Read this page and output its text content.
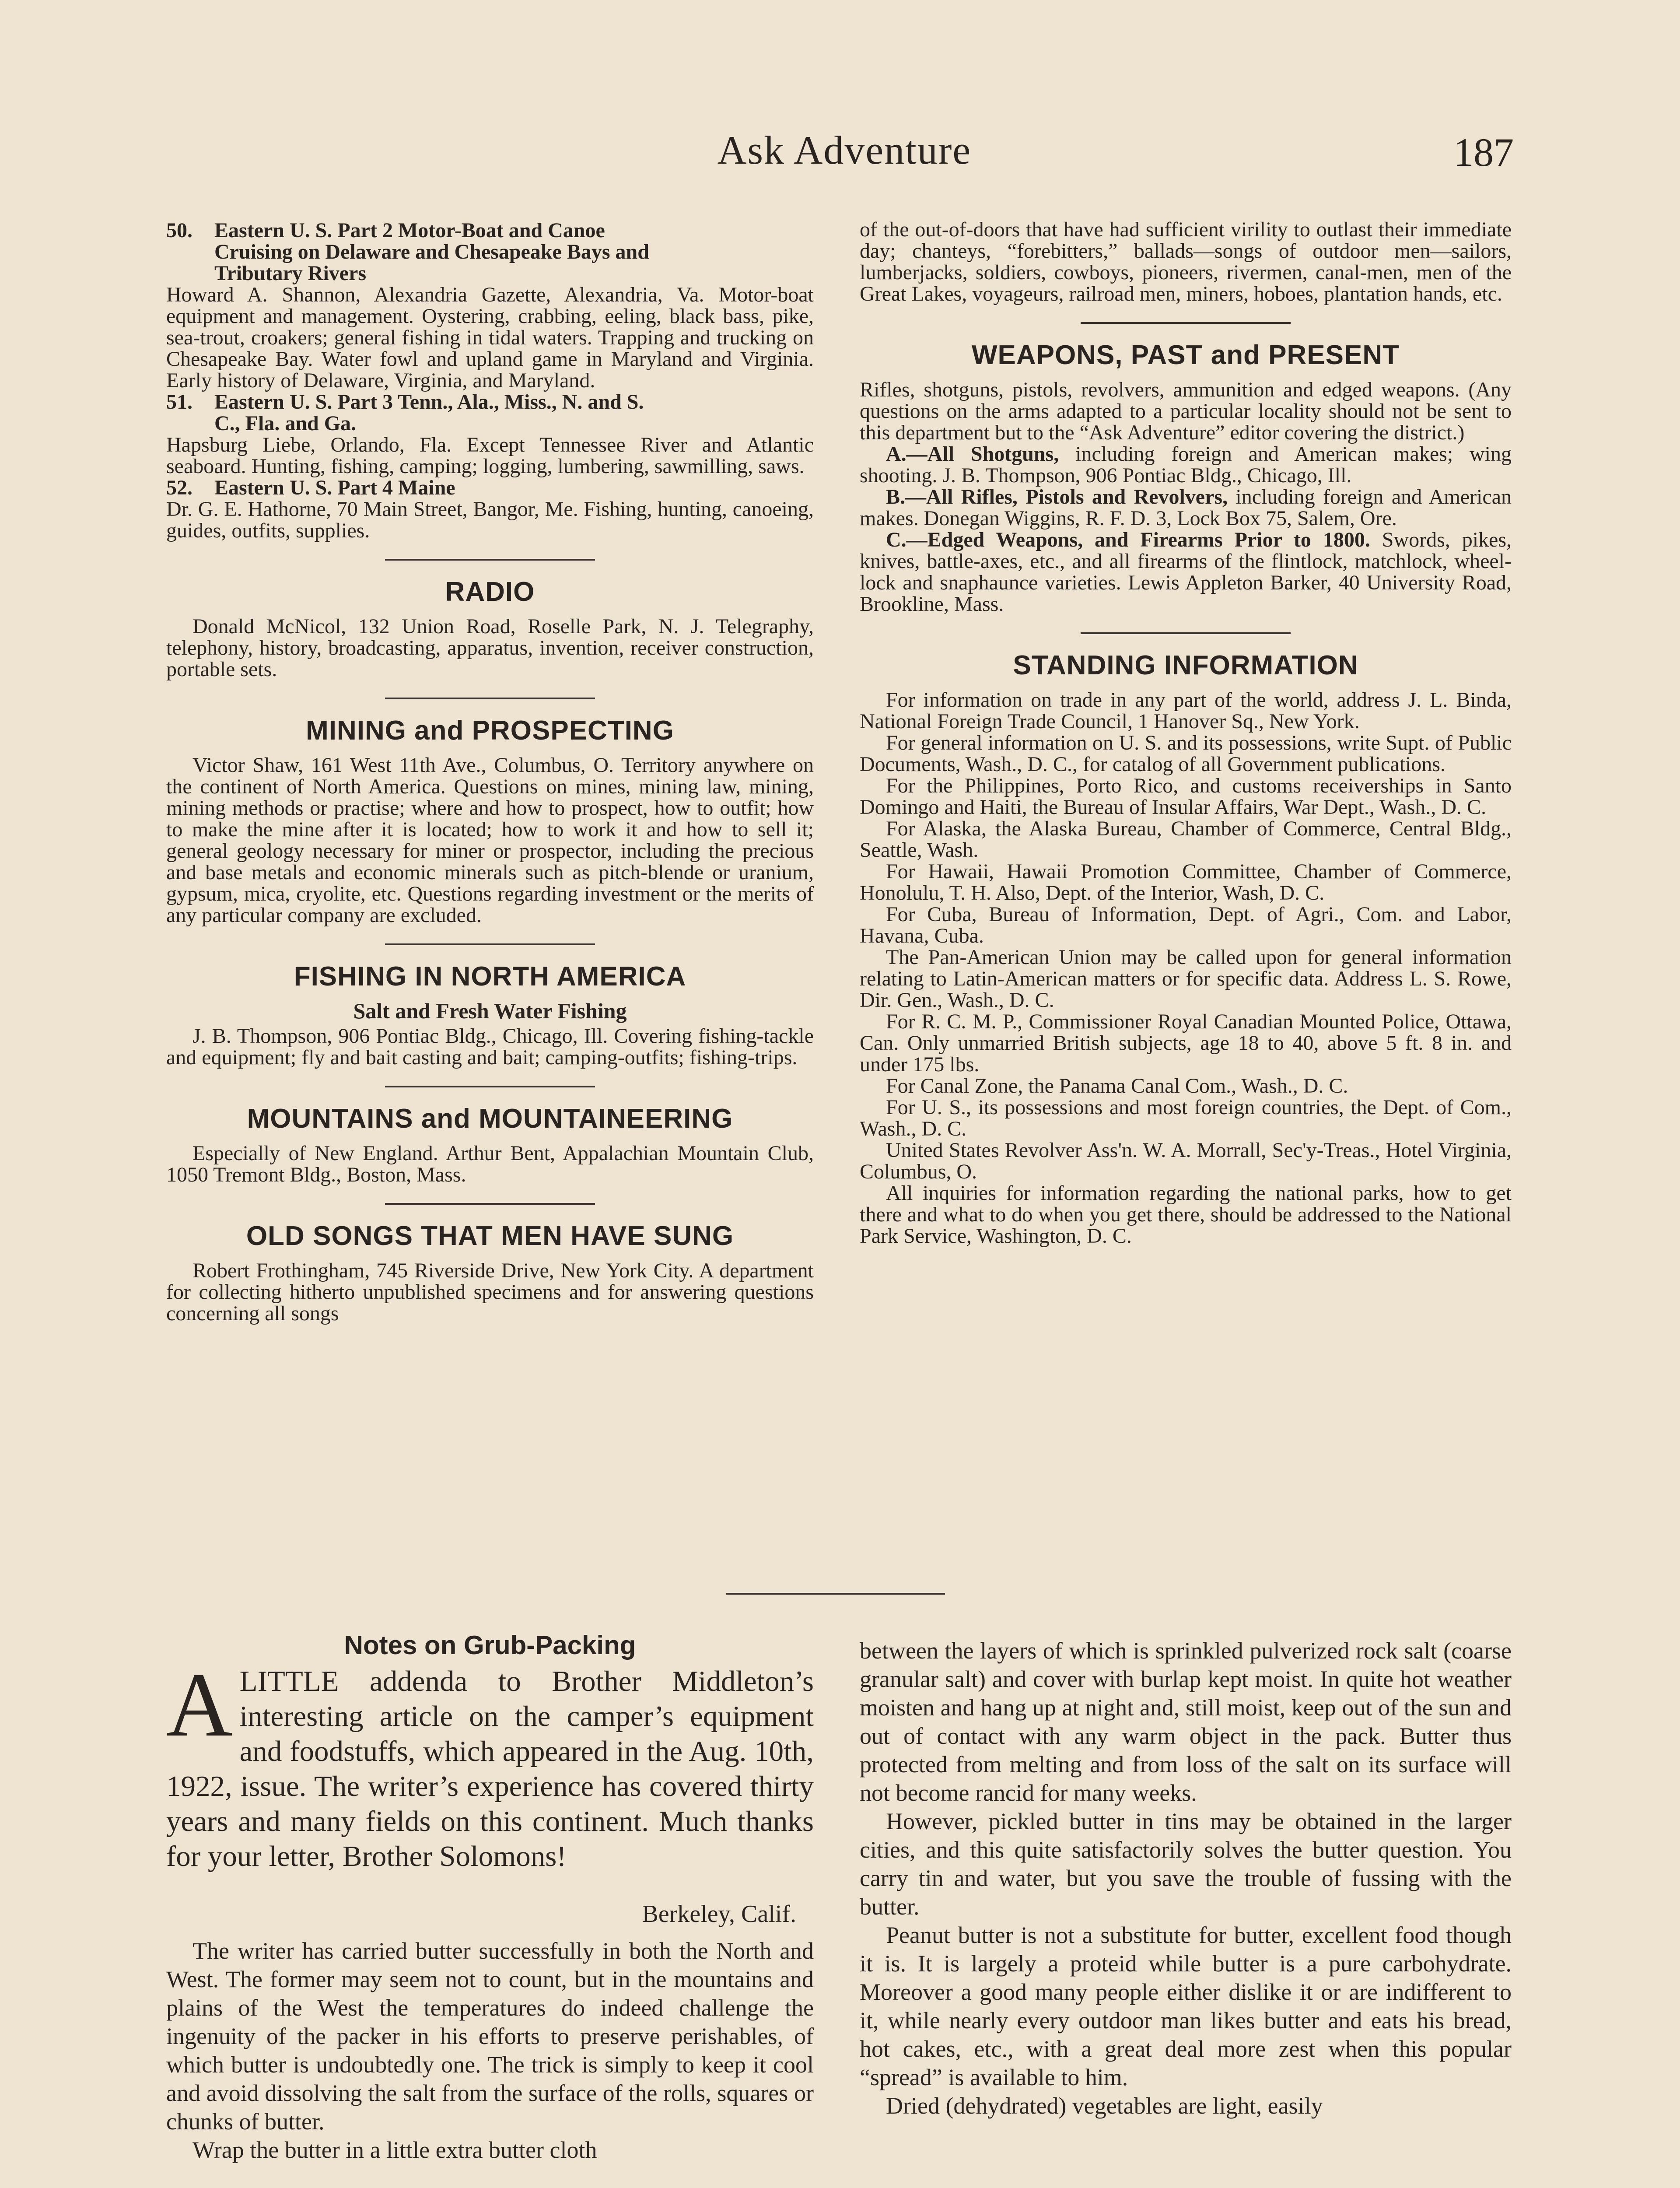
Ask Adventure	187
50. Eastern U. S. Part 2 Motor-Boat and Canoe
Cruising on Delaware and Chesapeake Bays and
Tributary Rivers

Howard A. Shannon, Alexandria Gazette, Alexandria, Va. Motor-boat equipment and management. Oystering, crabbing, eeling, black bass, pike, sea-trout, croakers; general fishing in tidal waters. Trapping and trucking on Chesapeake Bay. Water fowl and upland game in Maryland and Virginia. Early history of Delaware, Virginia, and Maryland.

51. Eastern U. S. Part 3 Tenn., Ala., Miss., N. and S.
C., Fla. and Ga.

Hapsburg Liebe, Orlando, Fla. Except Tennessee River and Atlantic seaboard. Hunting, fishing, camping; logging, lumbering, sawmilling, saws.

52. Eastern U. S. Part 4 Maine

Dr. G. E. Hathorne, 70 Main Street, Bangor, Me. Fishing, hunting, canoeing, guides, outfits, supplies.

RADIO

Donald McNicol, 132 Union Road, Roselle Park, N. J. Telegraphy, telephony, history, broadcasting, apparatus, invention, receiver construction, portable sets.

MINING and PROSPECTING

Victor Shaw, 161 West 11th Ave., Columbus, O. Territory anywhere on the continent of North America. Questions on mines, mining law, mining, mining methods or practise; where and how to prospect, how to outfit; how to make the mine after it is located; how to work it and how to sell it; general geology necessary for miner or prospector, including the precious and base metals and economic minerals such as pitch-blende or uranium, gypsum, mica, cryolite, etc. Questions regarding investment or the merits of any particular company are excluded.

FISHING IN NORTH AMERICA
Salt and Fresh Water Fishing

J. B. Thompson, 906 Pontiac Bldg., Chicago, Ill. Covering fishing-tackle and equipment; fly and bait casting and bait; camping-outfits; fishing-trips.

MOUNTAINS and MOUNTAINEERING

Especially of New England. Arthur Bent, Appalachian Mountain Club, 1050 Tremont Bldg., Boston, Mass.

OLD SONGS THAT MEN HAVE SUNG

Robert Frothingham, 745 Riverside Drive, New York City. A department for collecting hitherto unpublished specimens and for answering questions concerning all songs

of the out-of-doors that have had sufficient virility to outlast their immediate day; chanteys, “forebitters,” ballads—songs of outdoor men—sailors, lumberjacks, soldiers, cowboys, pioneers, rivermen, canal-men, men of the Great Lakes, voyageurs, railroad men, miners, hoboes, plantation hands, etc.

WEAPONS, PAST and PRESENT

Rifles, shotguns, pistols, revolvers, ammunition and edged weapons. (Any questions on the arms adapted to a particular locality should not be sent to this department but to the “Ask Adventure” editor covering the district.)

A.—All Shotguns, including foreign and American makes; wing shooting. J. B. Thompson, 906 Pontiac Bldg., Chicago, Ill.

B.—All Rifles, Pistols and Revolvers, including foreign and American makes. Donegan Wiggins, R. F. D. 3, Lock Box 75, Salem, Ore.

C.—Edged Weapons, and Firearms Prior to 1800. Swords, pikes, knives, battle-axes, etc., and all firearms of the flintlock, matchlock, wheel-lock and snaphaunce varieties. Lewis Appleton Barker, 40 University Road, Brookline, Mass.

STANDING INFORMATION

For information on trade in any part of the world, address J. L. Binda, National Foreign Trade Council, 1 Hanover Sq., New York.

For general information on U. S. and its possessions, write Supt. of Public Documents, Wash., D. C., for catalog of all Government publications.

For the Philippines, Porto Rico, and customs receiverships in Santo Domingo and Haiti, the Bureau of Insular Affairs, War Dept., Wash., D. C.

For Alaska, the Alaska Bureau, Chamber of Commerce, Central Bldg., Seattle, Wash.

For Hawaii, Hawaii Promotion Committee, Chamber of Commerce, Honolulu, T. H. Also, Dept. of the Interior, Wash, D. C.

For Cuba, Bureau of Information, Dept. of Agri., Com. and Labor, Havana, Cuba.

The Pan-American Union may be called upon for general information relating to Latin-American matters or for specific data. Address L. S. Rowe, Dir. Gen., Wash., D. C.

For R. C. M. P., Commissioner Royal Canadian Mounted Police, Ottawa, Can. Only unmarried British subjects, age 18 to 40, above 5 ft. 8 in. and under 175 lbs.

For Canal Zone, the Panama Canal Com., Wash., D. C.

For U. S., its possessions and most foreign countries, the Dept. of Com., Wash., D. C.

United States Revolver Ass'n. W. A. Morrall, Sec'y-Treas., Hotel Virginia, Columbus, O.

All inquiries for information regarding the national parks, how to get there and what to do when you get there, should be addressed to the National Park Service, Washington, D. C.

Notes on Grub-Packing

ALITTLE addenda to Brother Middleton’s interesting article on the camper’s equipment and foodstuffs, which appeared in the Aug. 10th, 1922, issue. The writer’s experience has covered thirty years and many fields on this continent. Much thanks for your letter, Brother Solomons!

Berkeley, Calif.

The writer has carried butter successfully in both the North and West. The former may seem not to count, but in the mountains and plains of the West the temperatures do indeed challenge the ingenuity of the packer in his efforts to preserve perishables, of which butter is undoubtedly one. The trick is simply to keep it cool and avoid dissolving the salt from the surface of the rolls, squares or chunks of butter.

Wrap the butter in a little extra butter cloth

between the layers of which is sprinkled pulverized rock salt (coarse granular salt) and cover with burlap kept moist. In quite hot weather moisten and hang up at night and, still moist, keep out of the sun and out of contact with any warm object in the pack. Butter thus protected from melting and from loss of the salt on its surface will not become rancid for many weeks.

However, pickled butter in tins may be obtained in the larger cities, and this quite satisfactorily solves the butter question. You carry tin and water, but you save the trouble of fussing with the butter.

Peanut butter is not a substitute for butter, excellent food though it is. It is largely a proteid while butter is a pure carbohydrate. Moreover a good many people either dislike it or are indifferent to it, while nearly every outdoor man likes butter and eats his bread, hot cakes, etc., with a great deal more zest when this popular “spread” is available to him.

Dried (dehydrated) vegetables are light, easily
